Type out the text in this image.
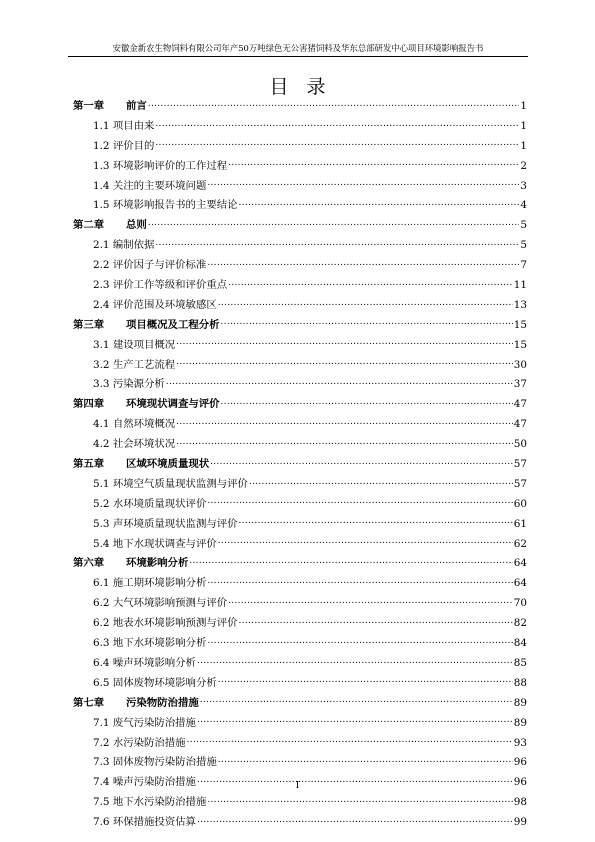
安徽金新农生物饲料有限公司年产50万吨绿色无公害猪饲料及华东总部研发中心项目环境影响报告书
目录
第一章	前言 .....	1
1.1 项目由来 .....	1
1.2 评价目的 .....	1
1.3 环境影响评价的工作过程 .....	2
1.4 关注的主要环境问题 .....	3
1.5 环境影响报告书的主要结论 .....	4
第二章	总则 .....	5
2.1 编制依据 .....	5
2.2 评价因子与评价标准 .....	7
2.3 评价工作等级和评价重点 .....	11
2.4 评价范围及环境敏感区 .....	13
第三章	项目概况及工程分析 .....	15
3.1 建设项目概况 .....	15
3.2 生产工艺流程 .....	30
3.3 污染源分析 .....	37
第四章	环境现状调查与评价 .....	47
4.1 自然环境概况 .....	47
4.2 社会环境状况 .....	50
第五章	区域环境质量现状 .....	57
5.1 环境空气质量现状监测与评价 .....	57
5.2 水环境质量现状评价 .....	60
5.3 声环境质量现状监测与评价 .....	61
5.4 地下水现状调查与评价 .....	62
第六章	环境影响分析 .....	64
6.1 施工期环境影响分析 .....	64
6.2 大气环境影响预测与评价 .....	70
6.2 地表水环境影响预测与评价 .....	82
6.3 地下水环境影响分析 .....	84
6.4 噪声环境影响分析 .....	85
6.5 固体废物环境影响分析 .....	88
第七章	污染物防治措施 .....	89
7.1 废气污染防治措施 .....	89
7.2 水污染防治措施 .....	93
7.3 固体废物污染防治措施 .....	96
7.4 噪声污染防治措施 .....	96
7.5 地下水污染防治措施 .....	98
7.6 环保措施投资估算 .....	99
I
